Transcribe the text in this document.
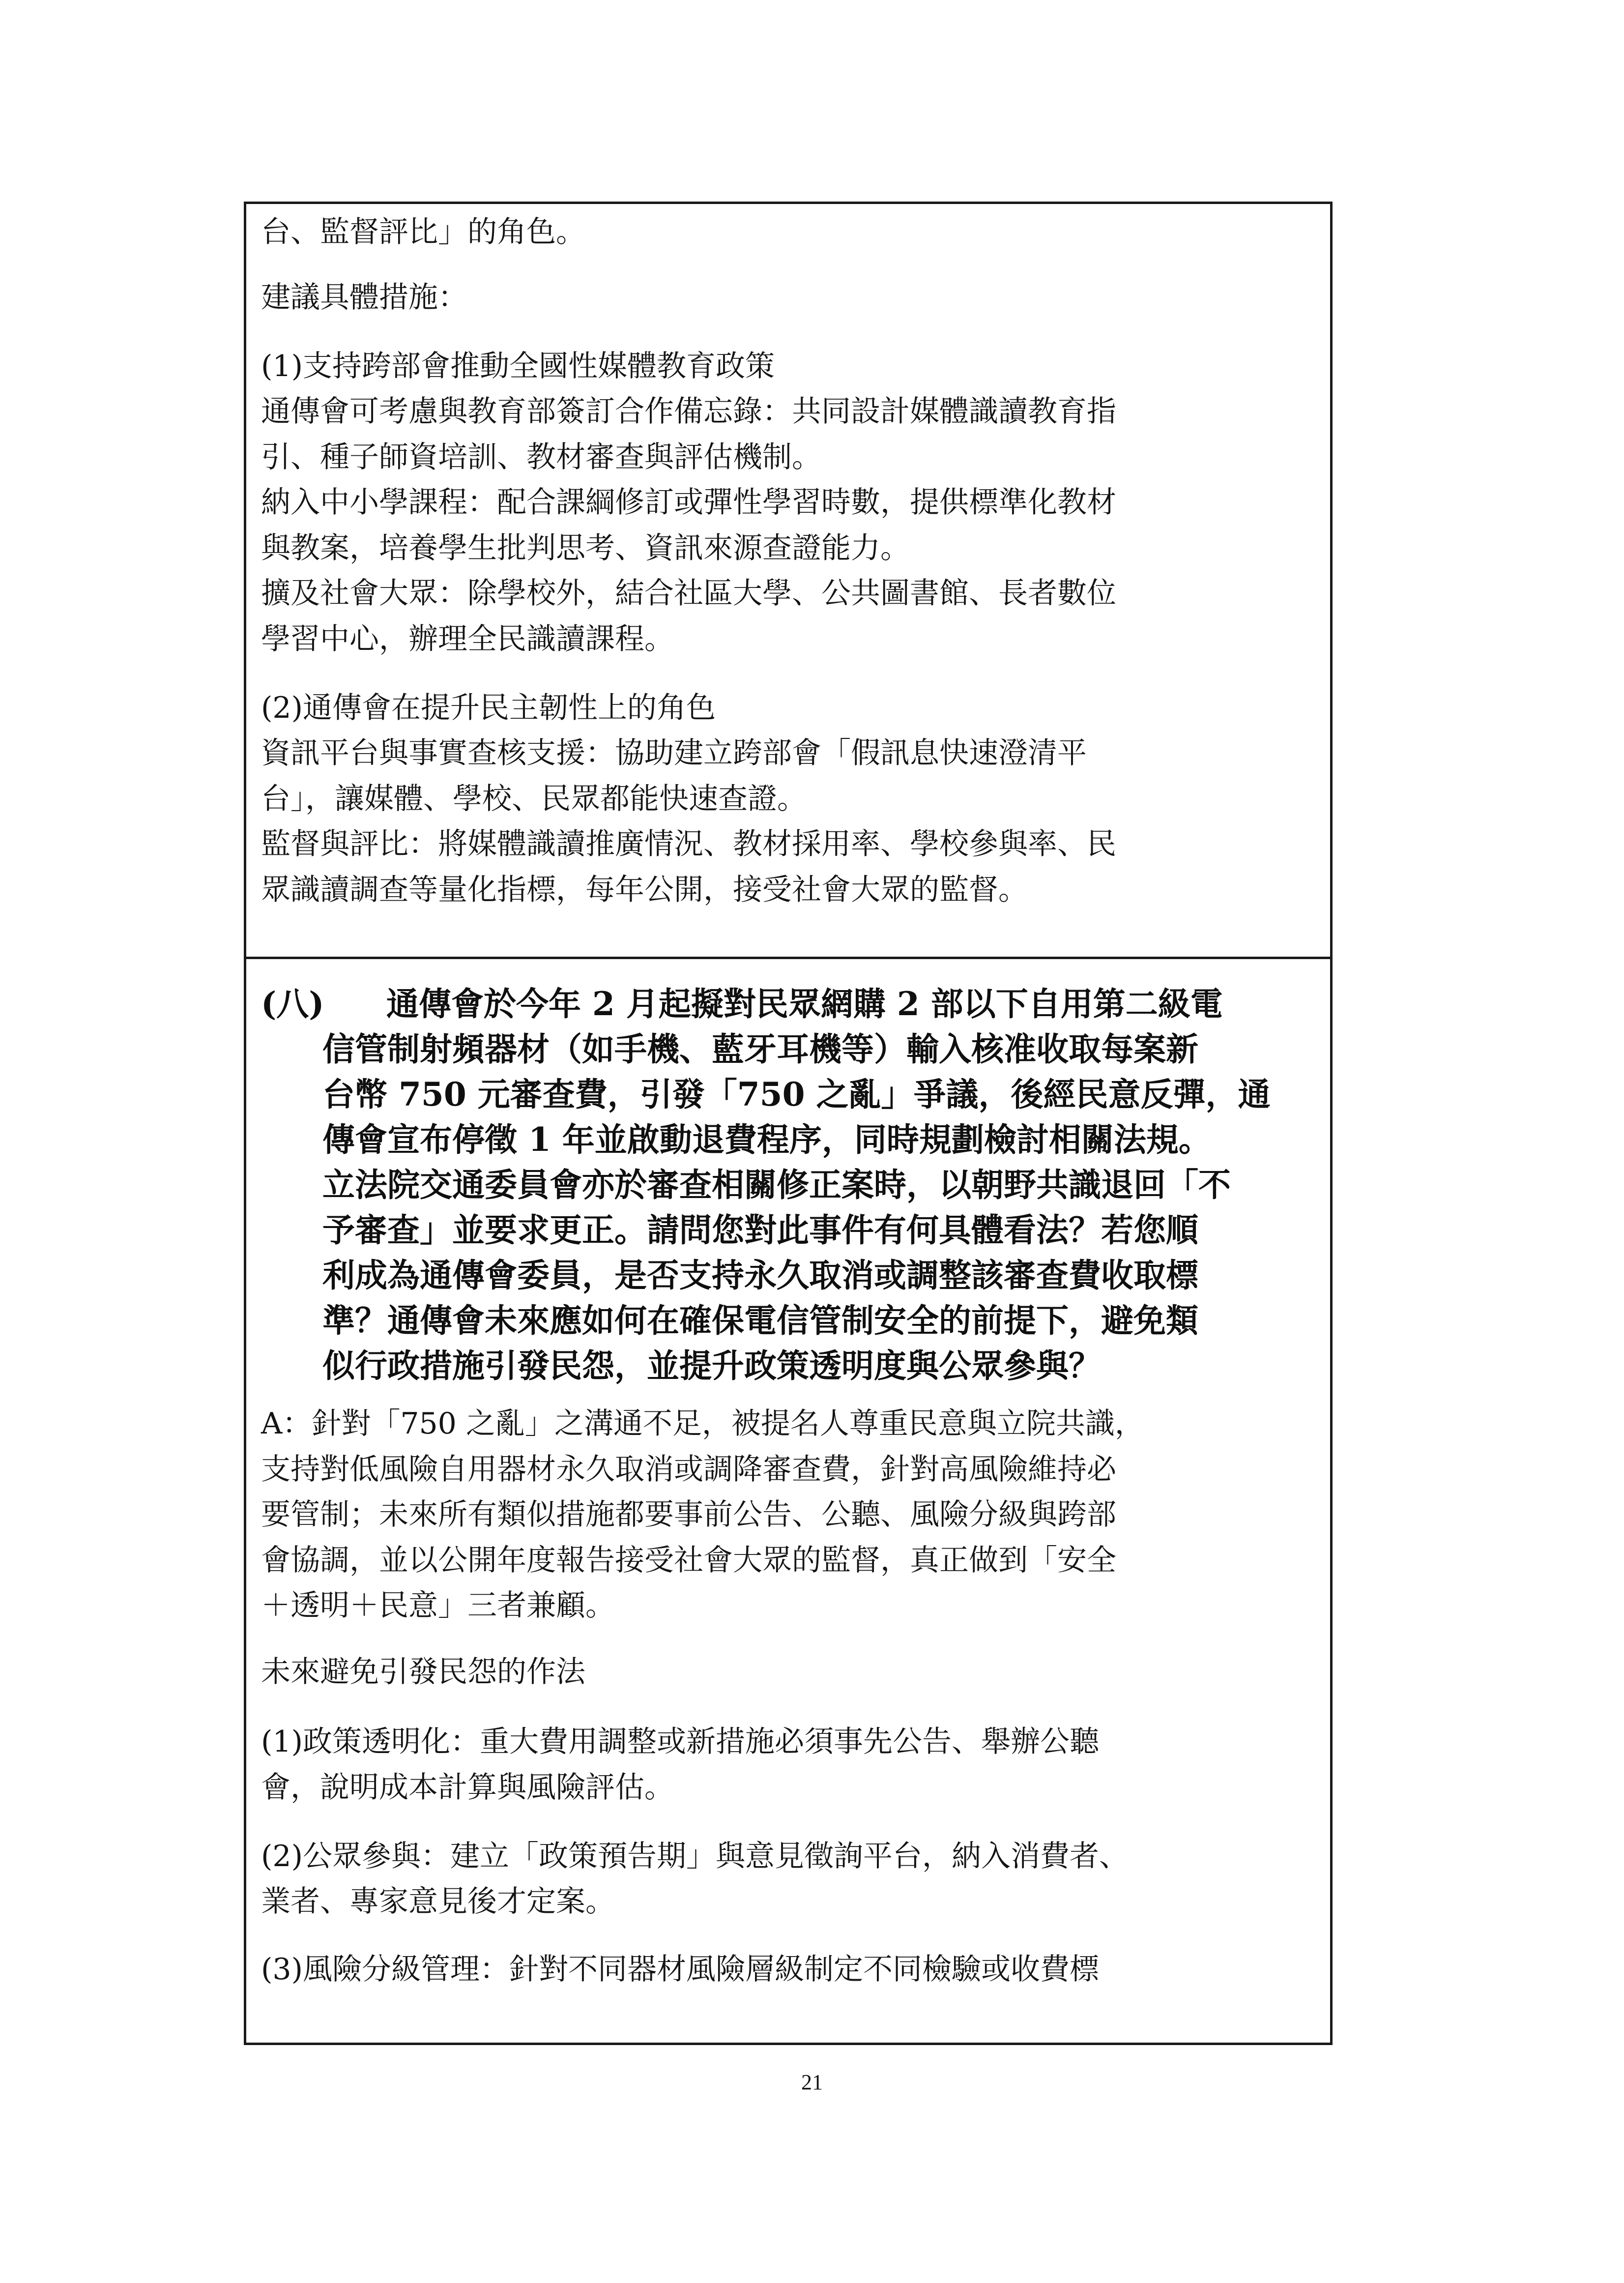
台、監督評比」的角色。
建議具體措施：
(1)支持跨部會推動全國性媒體教育政策
通傳會可考慮與教育部簽訂合作備忘錄：共同設計媒體識讀教育指
引、種子師資培訓、教材審查與評估機制。
納入中小學課程：配合課綱修訂或彈性學習時數，提供標準化教材
與教案，培養學生批判思考、資訊來源查證能力。
擴及社會大眾：除學校外，結合社區大學、公共圖書館、長者數位
學習中心，辦理全民識讀課程。
(2)通傳會在提升民主韌性上的角色
資訊平台與事實查核支援：協助建立跨部會「假訊息快速澄清平
台」，讓媒體、學校、民眾都能快速查證。
監督與評比：將媒體識讀推廣情況、教材採用率、學校參與率、民
眾識讀調查等量化指標，每年公開，接受社會大眾的監督。
(八) 通傳會於今年 2 月起擬對民眾網購 2 部以下自用第二級電
信管制射頻器材（如手機、藍牙耳機等）輸入核准收取每案新
台幣 750 元審查費，引發「750 之亂」爭議，後經民意反彈，通
傳會宣布停徵 1 年並啟動退費程序，同時規劃檢討相關法規。
立法院交通委員會亦於審查相關修正案時，以朝野共識退回「不
予審查」並要求更正。請問您對此事件有何具體看法？若您順
利成為通傳會委員，是否支持永久取消或調整該審查費收取標
準？通傳會未來應如何在確保電信管制安全的前提下，避免類
似行政措施引發民怨，並提升政策透明度與公眾參與？
A：針對「750 之亂」之溝通不足，被提名人尊重民意與立院共識，
支持對低風險自用器材永久取消或調降審查費，針對高風險維持必
要管制；未來所有類似措施都要事前公告、公聽、風險分級與跨部
會協調，並以公開年度報告接受社會大眾的監督，真正做到「安全
＋透明＋民意」三者兼顧。
未來避免引發民怨的作法
(1)政策透明化：重大費用調整或新措施必須事先公告、舉辦公聽
會，說明成本計算與風險評估。
(2)公眾參與：建立「政策預告期」與意見徵詢平台，納入消費者、
業者、專家意見後才定案。
(3)風險分級管理：針對不同器材風險層級制定不同檢驗或收費標
21
